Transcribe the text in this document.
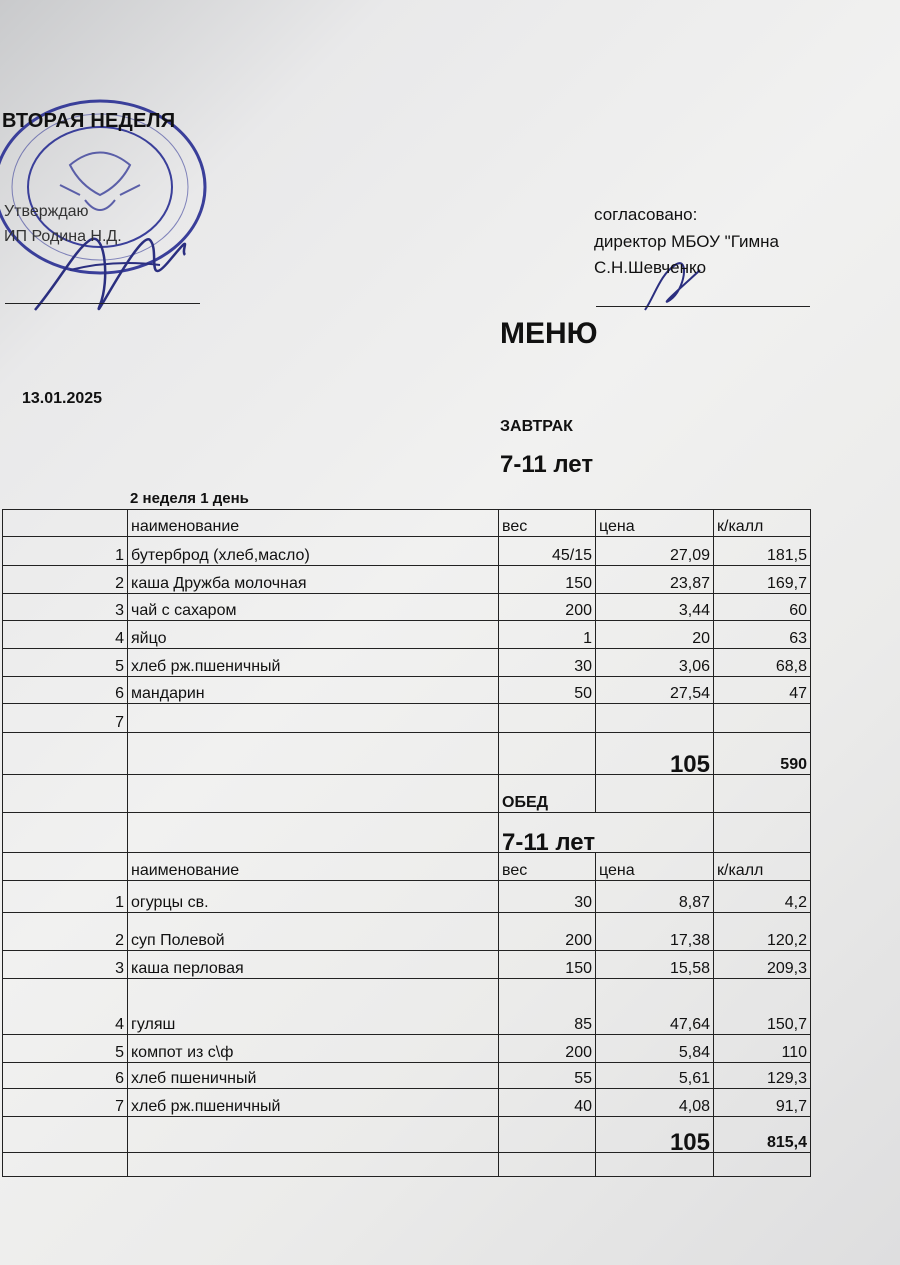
ВТОРАЯ НЕДЕЛЯ
Утверждаю
ИП Родина Н.Д.
согласовано:
директор МБОУ "Гимна
С.Н.Шевченко
МЕНЮ
13.01.2025
ЗАВТРАК
7-11 лет
2 неделя 1 день
	наименование	вес	цена	к/калл
1	бутерброд (хлеб,масло)	45/15	27,09	181,5
2	каша Дружба молочная	150	23,87	169,7
3	чай с сахаром	200	3,44	60
4	яйцо	1	20	63
5	хлеб рж.пшеничный	30	3,06	68,8
6	мандарин	50	27,54	47
7				
			105	590
		ОБЕД		
		7-11 лет		
	наименование	вес	цена	к/калл
1	огурцы св.	30	8,87	4,2
2	суп Полевой	200	17,38	120,2
3	каша перловая	150	15,58	209,3
4	гуляш	85	47,64	150,7
5	компот из с\ф	200	5,84	110
6	хлеб пшеничный	55	5,61	129,3
7	хлеб рж.пшеничный	40	4,08	91,7
			105	815,4
